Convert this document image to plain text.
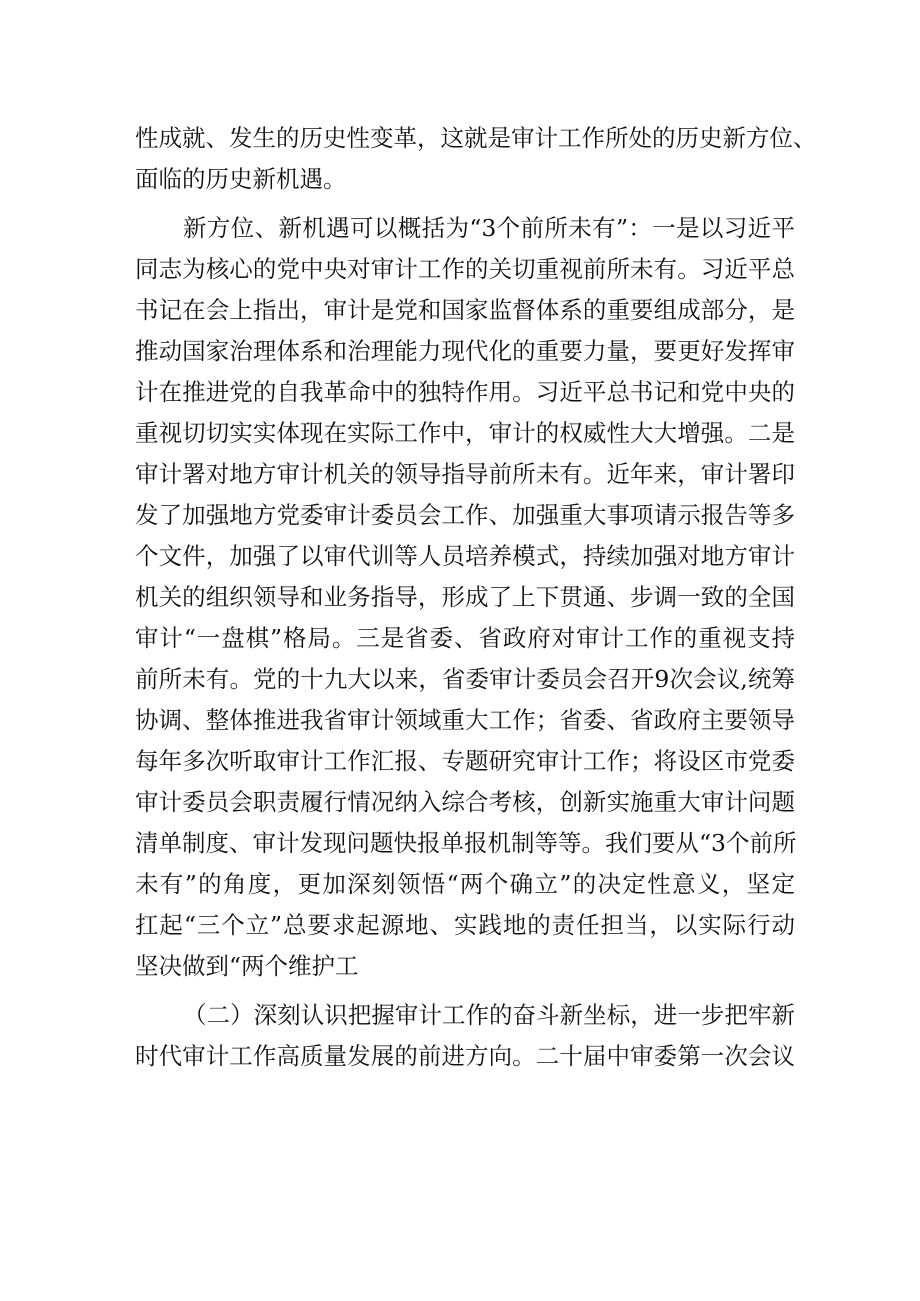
性成就、发生的历史性变革，这就是审计工作所处的历史新方位、
面临的历史新机遇。
新方位、新机遇可以概括为“3个前所未有”：一是以习近平
同志为核心的党中央对审计工作的关切重视前所未有。习近平总
书记在会上指出，审计是党和国家监督体系的重要组成部分，是
推动国家治理体系和治理能力现代化的重要力量，要更好发挥审
计在推进党的自我革命中的独特作用。习近平总书记和党中央的
重视切切实实体现在实际工作中，审计的权威性大大增强。二是
审计署对地方审计机关的领导指导前所未有。近年来，审计署印
发了加强地方党委审计委员会工作、加强重大事项请示报告等多
个文件，加强了以审代训等人员培养模式，持续加强对地方审计
机关的组织领导和业务指导，形成了上下贯通、步调一致的全国
审计“一盘棋”格局。三是省委、省政府对审计工作的重视支持
前所未有。党的十九大以来，省委审计委员会召开9次会议,统筹
协调、整体推进我省审计领域重大工作；省委、省政府主要领导
每年多次听取审计工作汇报、专题研究审计工作；将设区市党委
审计委员会职责履行情况纳入综合考核，创新实施重大审计问题
清单制度、审计发现问题快报单报机制等等。我们要从“3个前所
未有”的角度，更加深刻领悟“两个确立”的决定性意义，坚定
扛起“三个立”总要求起源地、实践地的责任担当，以实际行动
坚决做到“两个维护工
（二）深刻认识把握审计工作的奋斗新坐标，进一步把牢新
时代审计工作高质量发展的前进方向。二十届中审委第一次会议
